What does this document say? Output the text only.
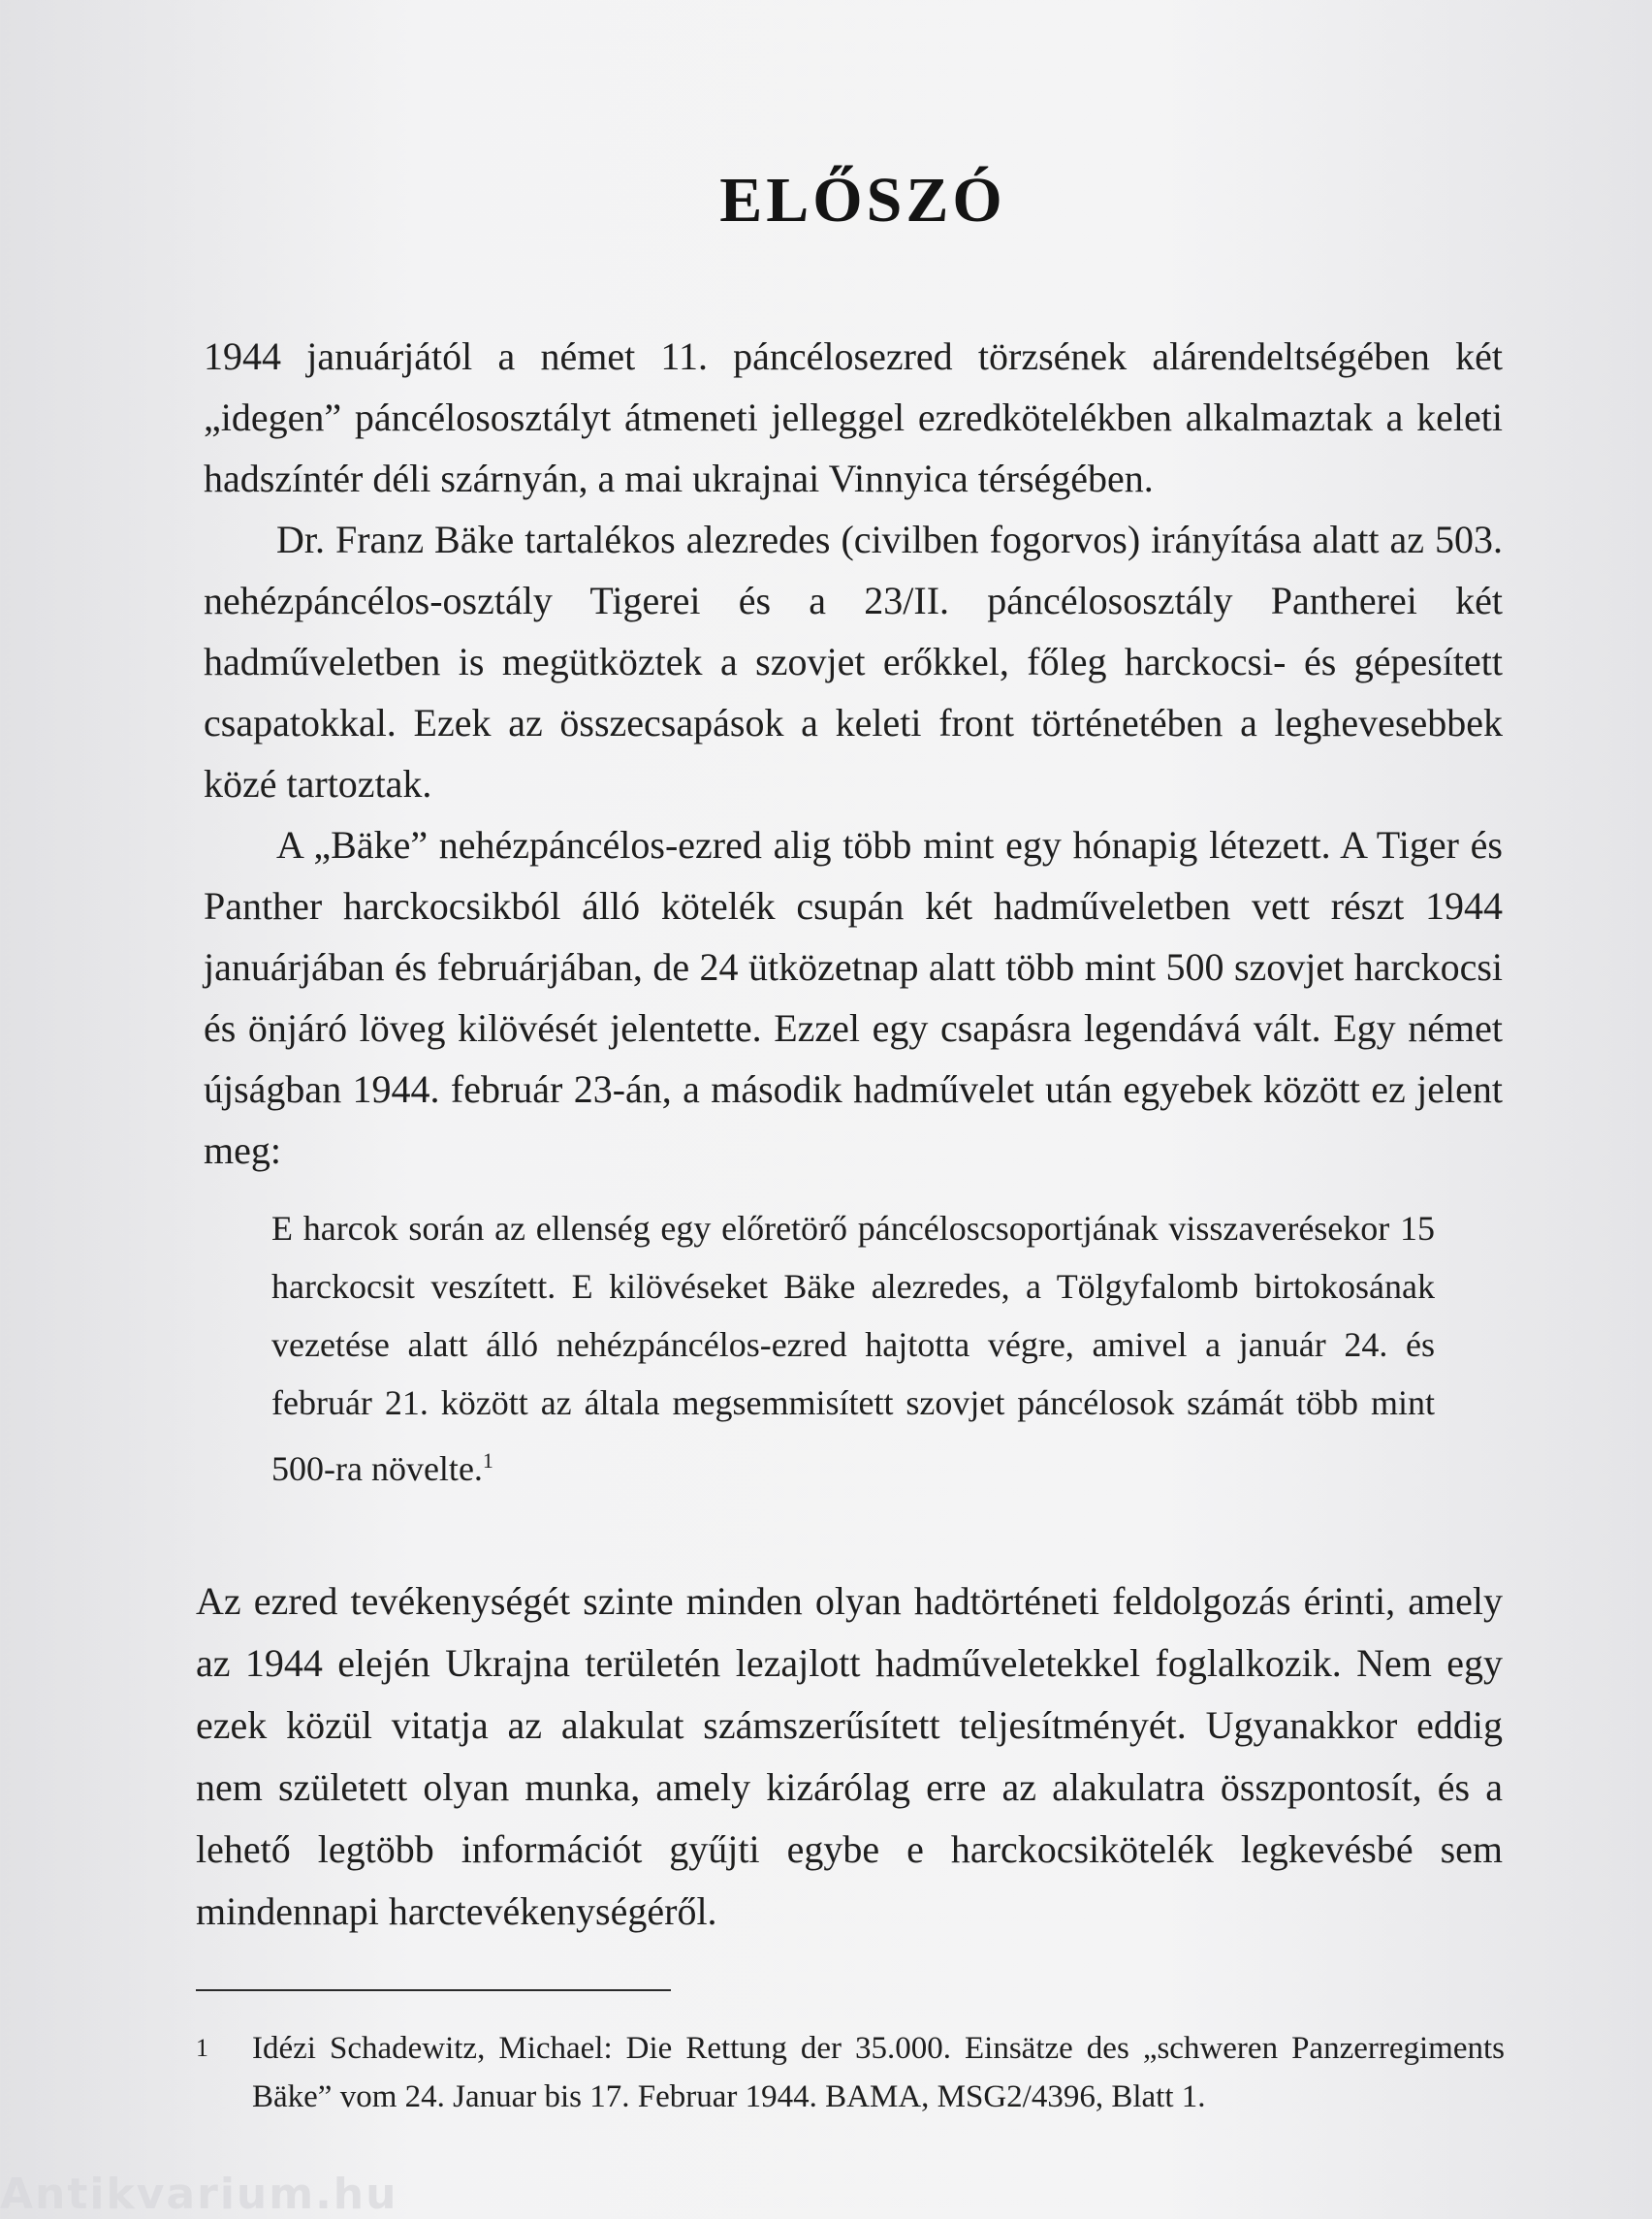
ELŐSZÓ

1944 januárjától a német 11. páncélosezred törzsének alárendeltségében két „idegen” páncélososztályt átmeneti jelleggel ezredkötelékben alkalmaztak a keleti hadszíntér déli szárnyán, a mai ukrajnai Vinnyica térségében.

Dr. Franz Bäke tartalékos alezredes (civilben fogorvos) irányítása alatt az 503. nehézpáncélos-osztály Tigerei és a 23/II. páncélososztály Pantherei két hadműveletben is megütköztek a szovjet erőkkel, főleg harckocsi- és gépesített csapatokkal. Ezek az összecsapások a keleti front történetében a leghevesebbek közé tartoztak.

A „Bäke” nehézpáncélos-ezred alig több mint egy hónapig létezett. A Tiger és Panther harckocsikból álló kötelék csupán két hadműveletben vett részt 1944 januárjában és februárjában, de 24 ütközetnap alatt több mint 500 szovjet harckocsi és önjáró löveg kilövését jelentette. Ezzel egy csapásra legendává vált. Egy német újságban 1944. február 23-án, a második hadművelet után egyebek között ez jelent meg:

E harcok során az ellenség egy előretörő páncéloscsoportjának visszaverésekor 15 harckocsit veszített. E kilövéseket Bäke alezredes, a Tölgyfalomb birtokosának vezetése alatt álló nehézpáncélos-ezred hajtotta végre, amivel a január 24. és február 21. között az általa megsemmisített szovjet páncélosok számát több mint 500-ra növelte.$^1$
Az ezred tevékenységét szinte minden olyan hadtörténeti feldolgozás érinti, amely az 1944 elején Ukrajna területén lezajlott hadműveletekkel foglalkozik. Nem egy ezek közül vitatja az alakulat számszerűsített teljesítményét. Ugyanakkor eddig nem született olyan munka, amely kizárólag erre az alakulatra összpontosít, és a lehető legtöbb információt gyűjti egybe e harckocsikötelék legkevésbé sem mindennapi harctevékenységéről.
1	Idézi Schadewitz, Michael: Die Rettung der 35.000. Einsätze des „schweren Panzerregiments Bäke” vom 24. Januar bis 17. Februar 1944. BAMA, MSG2/4396, Blatt 1.
Antikvarium.hu
